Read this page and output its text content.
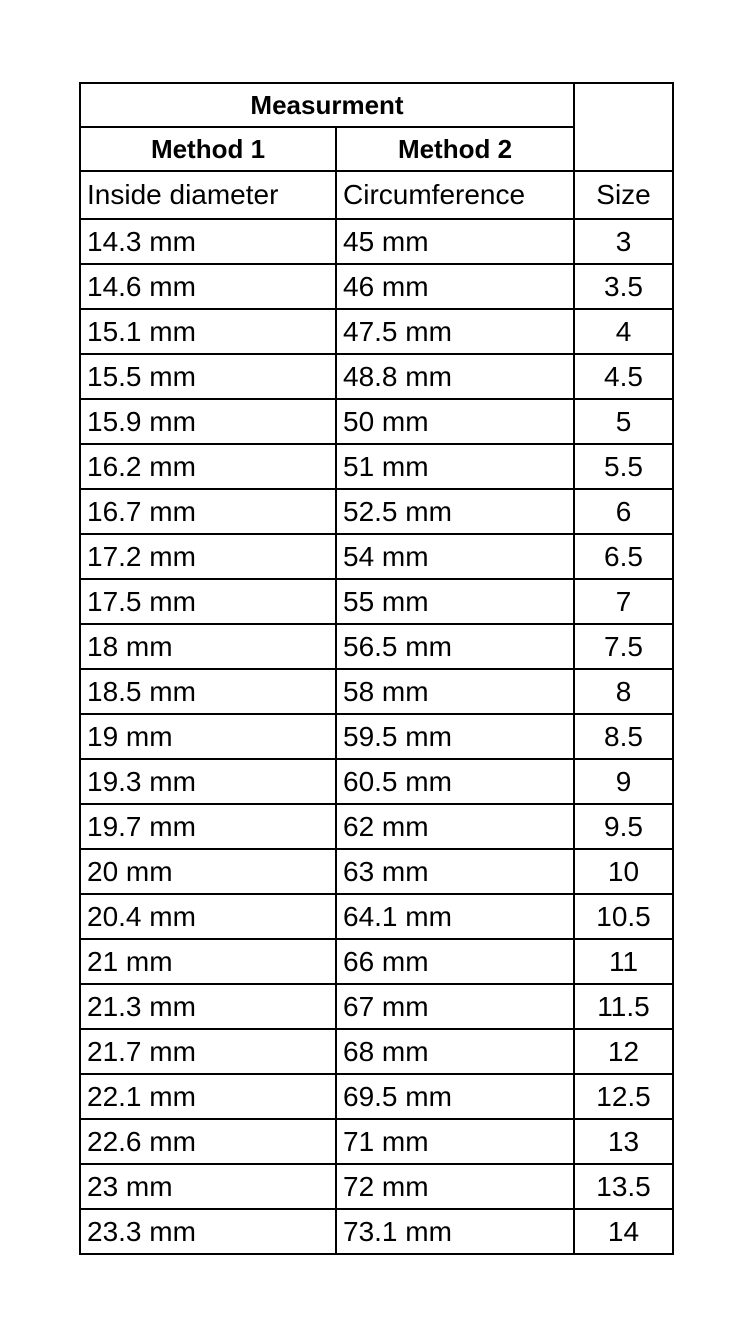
Measurment		
Method 1	Method 2	
Inside diameter	Circumference	Size
14.3 mm	45 mm	3
14.6 mm	46 mm	3.5
15.1 mm	47.5 mm	4
15.5 mm	48.8 mm	4.5
15.9 mm	50 mm	5
16.2 mm	51 mm	5.5
16.7 mm	52.5 mm	6
17.2 mm	54 mm	6.5
17.5 mm	55 mm	7
18 mm	56.5 mm	7.5
18.5 mm	58 mm	8
19 mm	59.5 mm	8.5
19.3 mm	60.5 mm	9
19.7 mm	62 mm	9.5
20 mm	63 mm	10
20.4 mm	64.1 mm	10.5
21 mm	66 mm	11
21.3 mm	67 mm	11.5
21.7 mm	68 mm	12
22.1 mm	69.5 mm	12.5
22.6 mm	71 mm	13
23 mm	72 mm	13.5
23.3 mm	73.1 mm	14
